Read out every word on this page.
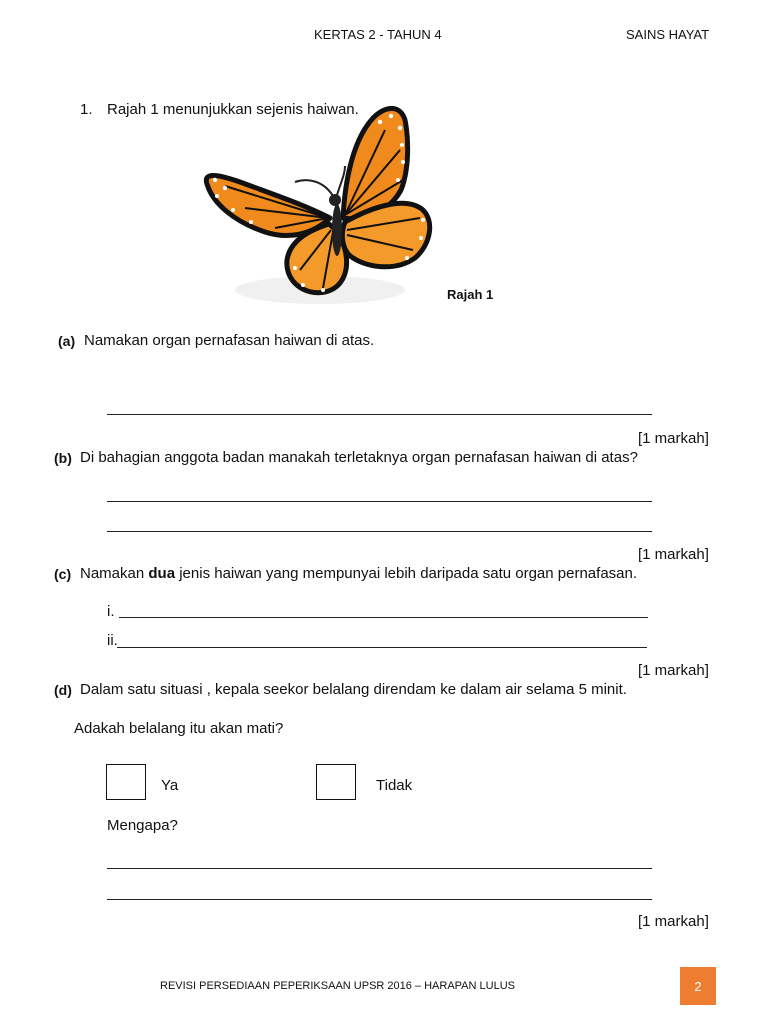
KERTAS 2 - TAHUN 4	SAINS HAYAT
1. Rajah 1 menunjukkan sejenis haiwan.
Rajah 1
(a) Namakan organ pernafasan haiwan di atas.
[1 markah]
(b) Di bahagian anggota badan manakah terletaknya organ pernafasan haiwan di atas?
[1 markah]
(c) Namakan dua jenis haiwan yang mempunyai lebih daripada satu organ pernafasan.
i.
ii.
[1 markah]
(d) Dalam satu situasi , kepala seekor belalang direndam ke dalam air selama 5 minit.
Adakah belalang itu akan mati?
Ya	Tidak
Mengapa?
[1 markah]
REVISI PERSEDIAAN PEPERIKSAAN UPSR 2016 – HARAPAN LULUS	2
